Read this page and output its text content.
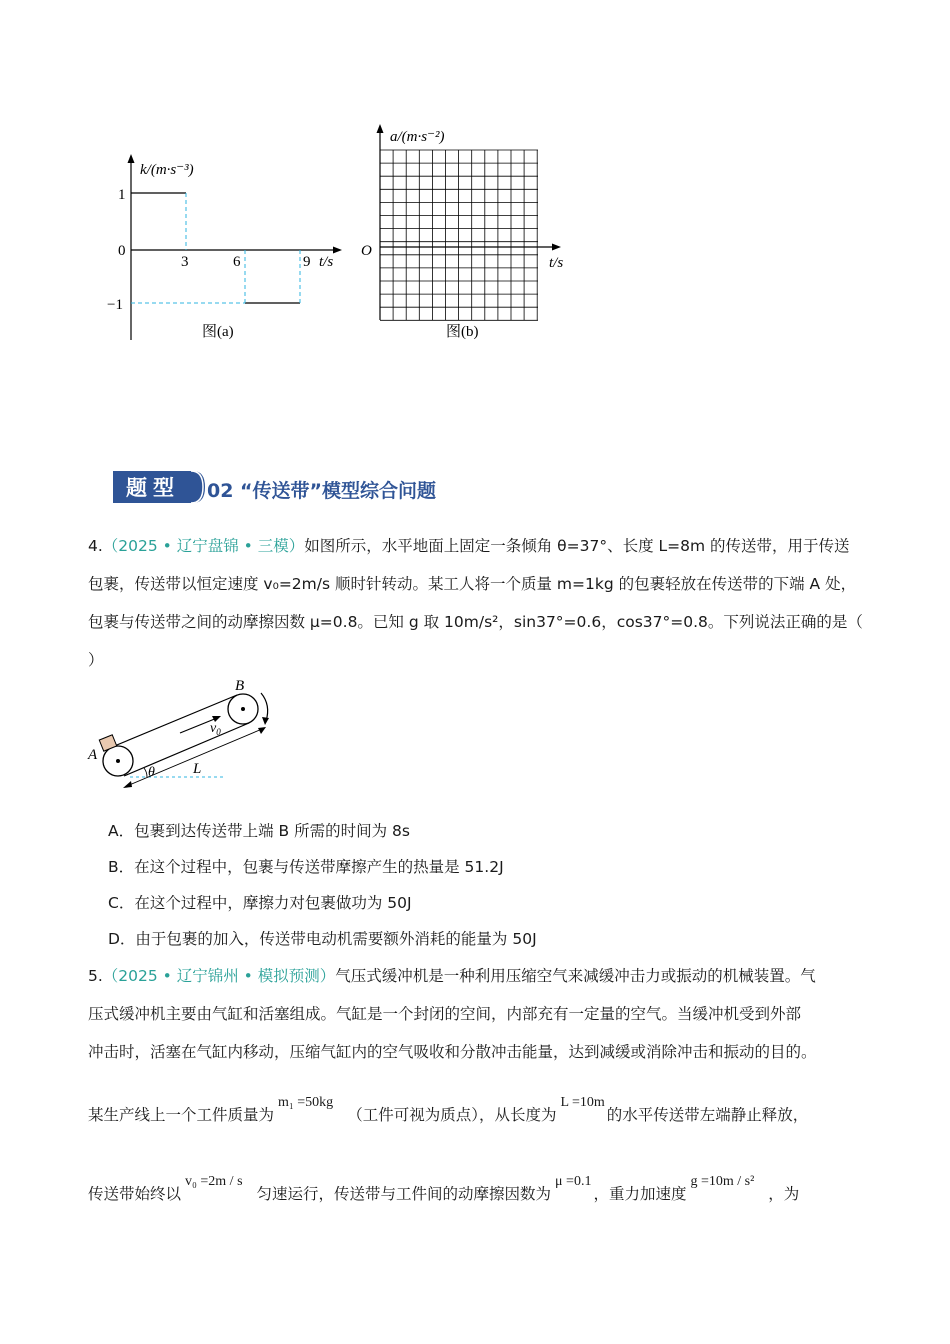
k/(m·s⁻³)
1
0
−1
3	6	9 t/s
图(a)
a/(m·s⁻²)
O
t/s
图(b)
题型 02 “传送带”模型综合问题
4.（2025 • 辽宁盘锦 • 三模）如图所示，水平地面上固定一条倾角 θ=37°、长度 L=8m 的传送带，用于传送
包裹，传送带以恒定速度 v₀=2m/s 顺时针转动。某工人将一个质量 m=1kg 的包裹轻放在传送带的下端 A 处，
包裹与传送带之间的动摩擦因数 μ=0.8。已知 g 取 10m/s²，sin37°=0.6，cos37°=0.8。下列说法正确的是（
）
A
B
$v_0$
θ	L
A．包裹到达传送带上端 B 所需的时间为 8s
B．在这个过程中，包裹与传送带摩擦产生的热量是 51.2J
C．在这个过程中，摩擦力对包裹做功为 50J
D．由于包裹的加入，传送带电动机需要额外消耗的能量为 50J
5.（2025 • 辽宁锦州 • 模拟预测）气压式缓冲机是一种利用压缩空气来减缓冲击力或振动的机械装置。气
压式缓冲机主要由气缸和活塞组成。气缸是一个封闭的空间，内部充有一定量的空气。当缓冲机受到外部
冲击时，活塞在气缸内移动，压缩气缸内的空气吸收和分散冲击能量，达到减缓或消除冲击和振动的目的。
某生产线上一个工件质量为m₁ =50kg（工件可视为质点），从长度为L =10m的水平传送带左端静止释放，
传送带始终以v₀ =2m / s匀速运行，传送带与工件间的动摩擦因数为μ =0.1，重力加速度g =10m / s²，为
